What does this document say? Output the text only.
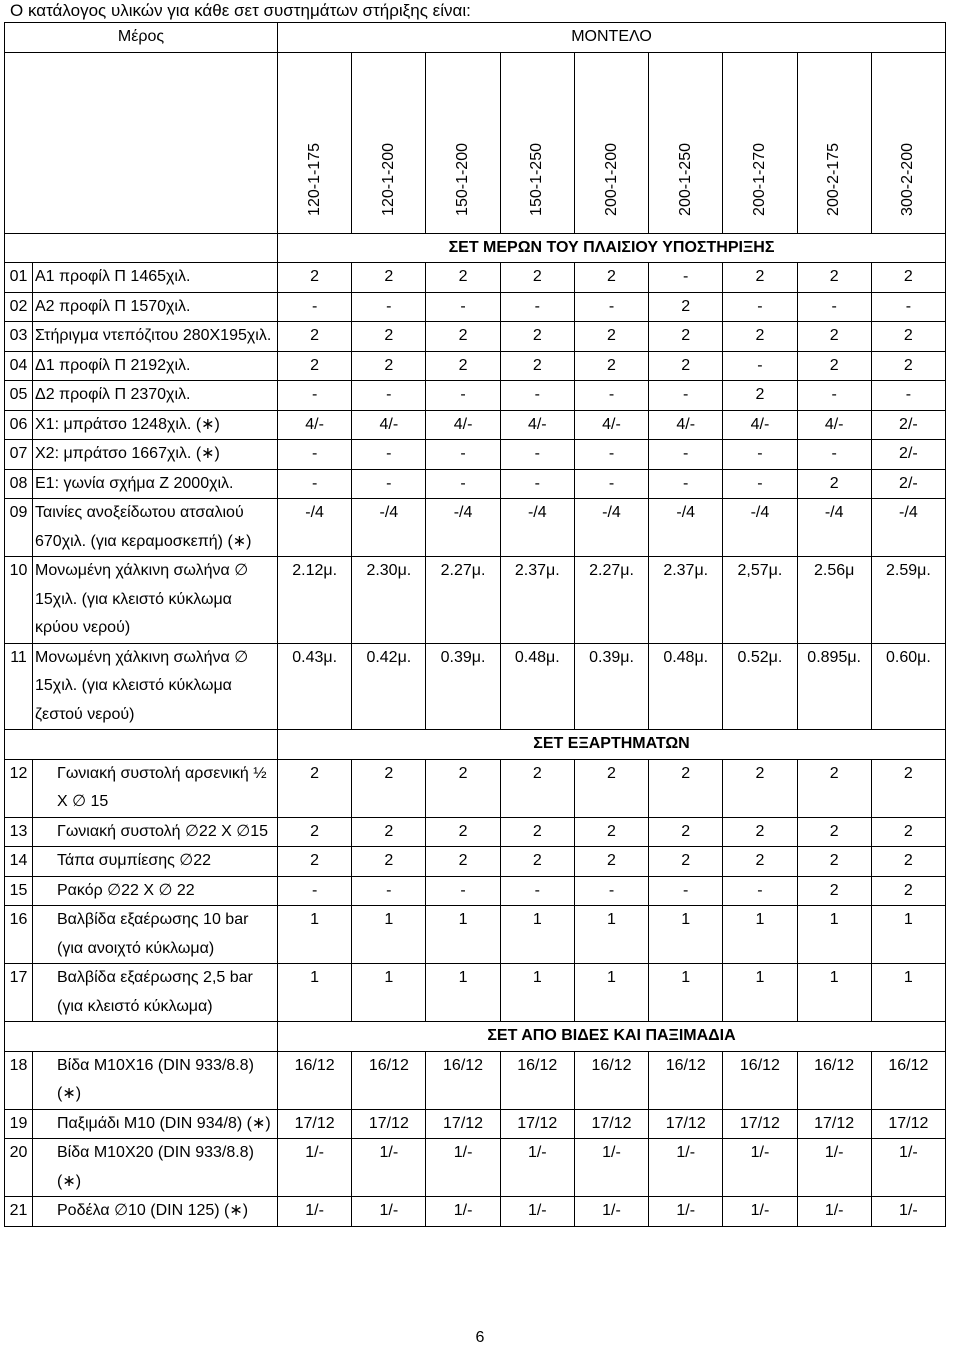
Ο κατάλογος υλικών για κάθε σετ συστημάτων στήριξης είναι:
Μέρος		ΜΟΝΤΕΛΟ								
		120-1-175	120-1-200	150-1-200	150-1-250	200-1-200	200-1-250	200-1-270	200-2-175	300-2-200
		ΣΕΤ ΜΕΡΩΝ ΤΟΥ ΠΛΑΙΣΙΟΥ ΥΠΟΣΤΗΡΙΞΗΣ								
01	Α1 προφίλ Π 1465χιλ.	2	2	2	2	2	-	2	2	2
02	Α2 προφίλ Π 1570χιλ.	-	-	-	-	-	2	-	-	-
03	Στήριγμα ντεπόζιτου 280Χ195χιλ.	2	2	2	2	2	2	2	2	2
04	Δ1 προφίλ Π 2192χιλ.	2	2	2	2	2	2	-	2	2
05	Δ2 προφίλ Π 2370χιλ.	-	-	-	-	-	-	2	-	-
06	Χ1: μπράτσο 1248χιλ. (∗)	4/-	4/-	4/-	4/-	4/-	4/-	4/-	4/-	2/-
07	Χ2: μπράτσο 1667χιλ. (∗)	-	-	-	-	-	-	-	-	2/-
08	Ε1: γωνία σχήμα Ζ 2000χιλ.	-	-	-	-	-	-	-	2	2/-
09	Ταινίες ανοξείδωτου ατσαλιού 670χιλ. (για κεραμοσκεπή) (∗)	-/4	-/4	-/4	-/4	-/4	-/4	-/4	-/4	-/4
10	Μονωμένη χάλκινη σωλήνα ∅ 15χιλ. (για κλειστό κύκλωμα κρύου νερού)	2.12μ.	2.30μ.	2.27μ.	2.37μ.	2.27μ.	2.37μ.	2,57μ.	2.56μ	2.59μ.
11	Μονωμένη χάλκινη σωλήνα ∅ 15χιλ. (για κλειστό κύκλωμα ζεστού νερού)	0.43μ.	0.42μ.	0.39μ.	0.48μ.	0.39μ.	0.48μ.	0.52μ.	0.895μ.	0.60μ.
		ΣΕΤ ΕΞΑΡΤΗΜΑΤΩΝ								
12	Γωνιακή συστολή αρσενική ½ Χ ∅ 15	2	2	2	2	2	2	2	2	2
13	Γωνιακή συστολή ∅22 Χ ∅15	2	2	2	2	2	2	2	2	2
14	Τάπα συμπίεσης ∅22	2	2	2	2	2	2	2	2	2
15	Ρακόρ ∅22 Χ ∅ 22	-	-	-	-	-	-	-	2	2
16	Βαλβίδα εξαέρωσης 10 bar (για ανοιχτό κύκλωμα)	1	1	1	1	1	1	1	1	1
17	Βαλβίδα εξαέρωσης 2,5 bar (για κλειστό κύκλωμα)	1	1	1	1	1	1	1	1	1
		ΣΕΤ ΑΠΟ ΒΙΔΕΣ ΚΑΙ ΠΑΞΙΜΑΔΙΑ								
18	Βίδα Μ10Χ16 (DIN 933/8.8) (∗)	16/12	16/12	16/12	16/12	16/12	16/12	16/12	16/12	16/12
19	Παξιμάδι Μ10 (DIN 934/8) (∗)	17/12	17/12	17/12	17/12	17/12	17/12	17/12	17/12	17/12
20	Βίδα Μ10Χ20 (DIN 933/8.8) (∗)	1/-	1/-	1/-	1/-	1/-	1/-	1/-	1/-	1/-
21	Ροδέλα ∅10 (DIN 125) (∗)	1/-	1/-	1/-	1/-	1/-	1/-	1/-	1/-	1/-
6
